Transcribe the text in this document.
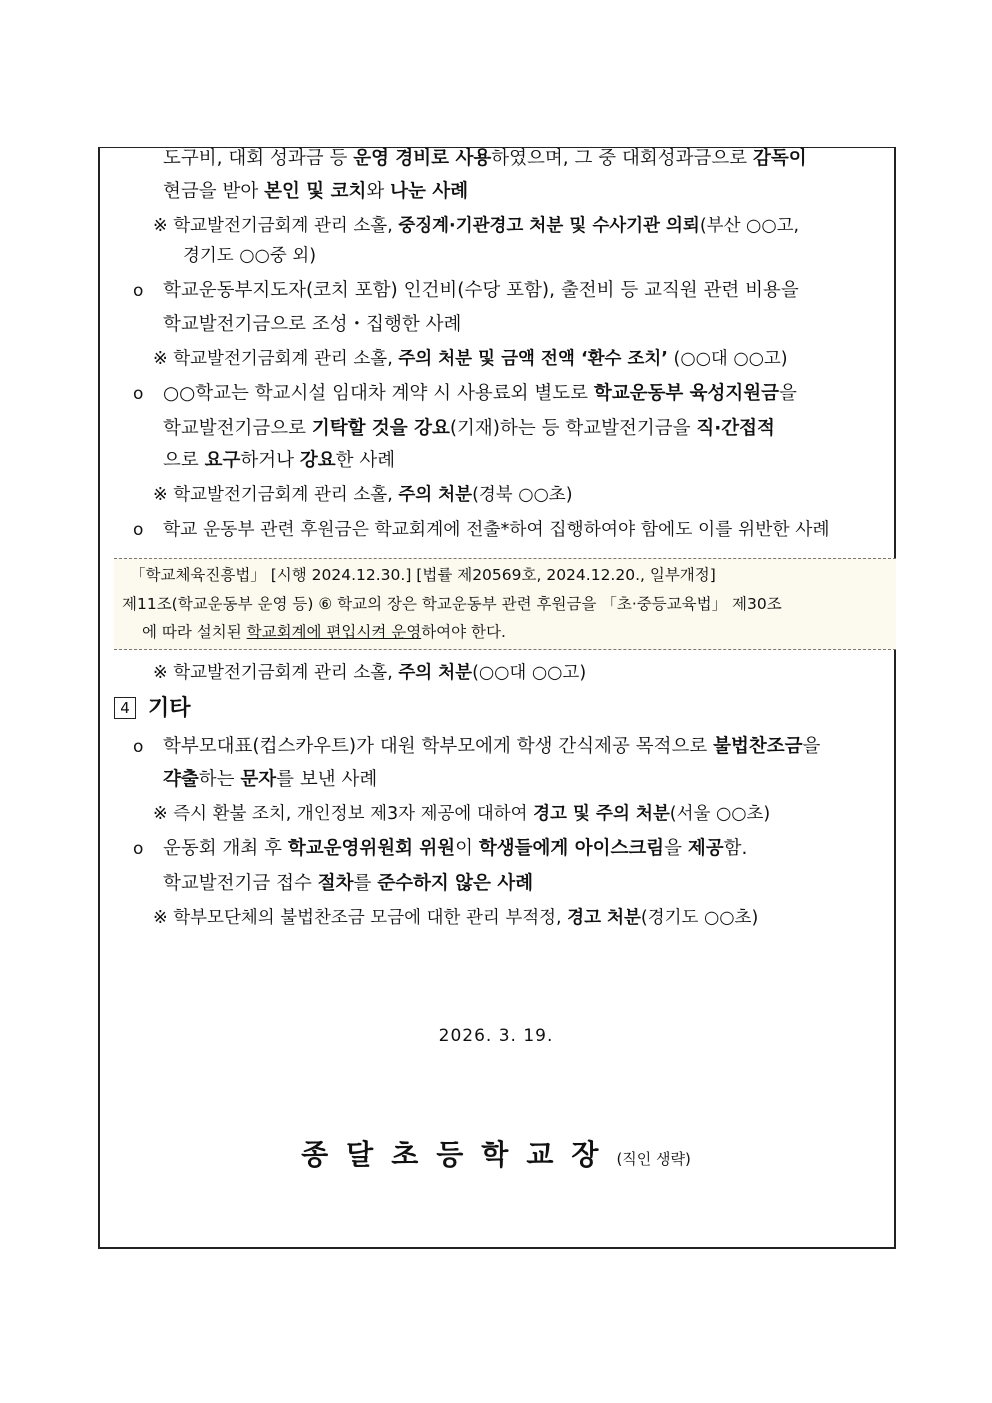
도구비, 대회 성과금 등 운영 경비로 사용하였으며, 그 중 대회성과금으로 감독이
현금을 받아 본인 및 코치와 나눈 사례
※ 학교발전기금회계 관리 소홀, 중징계·기관경고 처분 및 수사기관 의뢰(부산 ○○고,
경기도 ○○중 외)
ο 학교운동부지도자(코치 포함) 인건비(수당 포함), 출전비 등 교직원 관련 비용을
학교발전기금으로 조성・집행한 사례
※ 학교발전기금회계 관리 소홀, 주의 처분 및 금액 전액 ‘환수 조치’ (○○대 ○○고)
ο ○○학교는 학교시설 임대차 계약 시 사용료외 별도로 학교운동부 육성지원금을
학교발전기금으로 기탁할 것을 강요(기재)하는 등 학교발전기금을 직·간접적
으로 요구하거나 강요한 사례
※ 학교발전기금회계 관리 소홀, 주의 처분(경북 ○○초)
ο 학교 운동부 관련 후원금은 학교회계에 전출*하여 집행하여야 함에도 이를 위반한 사례
「학교체육진흥법」 [시행 2024.12.30.] [법률 제20569호, 2024.12.20., 일부개정]
제11조(학교운동부 운영 등) ⑥ 학교의 장은 학교운동부 관련 후원금을 「초·중등교육법」 제30조
에 따라 설치된 학교회계에 편입시켜 운영하여야 한다.
※ 학교발전기금회계 관리 소홀, 주의 처분(○○대 ○○고)
4 기타
ο 학부모대표(컵스카우트)가 대원 학부모에게 학생 간식제공 목적으로 불법찬조금을
갹출하는 문자를 보낸 사례
※ 즉시 환불 조치, 개인정보 제3자 제공에 대하여 경고 및 주의 처분(서울 ○○초)
ο 운동회 개최 후 학교운영위원회 위원이 학생들에게 아이스크림을 제공함.
학교발전기금 접수 절차를 준수하지 않은 사례
※ 학부모단체의 불법찬조금 모금에 대한 관리 부적정, 경고 처분(경기도 ○○초)
2026. 3. 19.
종달초등학교장(직인 생략)
